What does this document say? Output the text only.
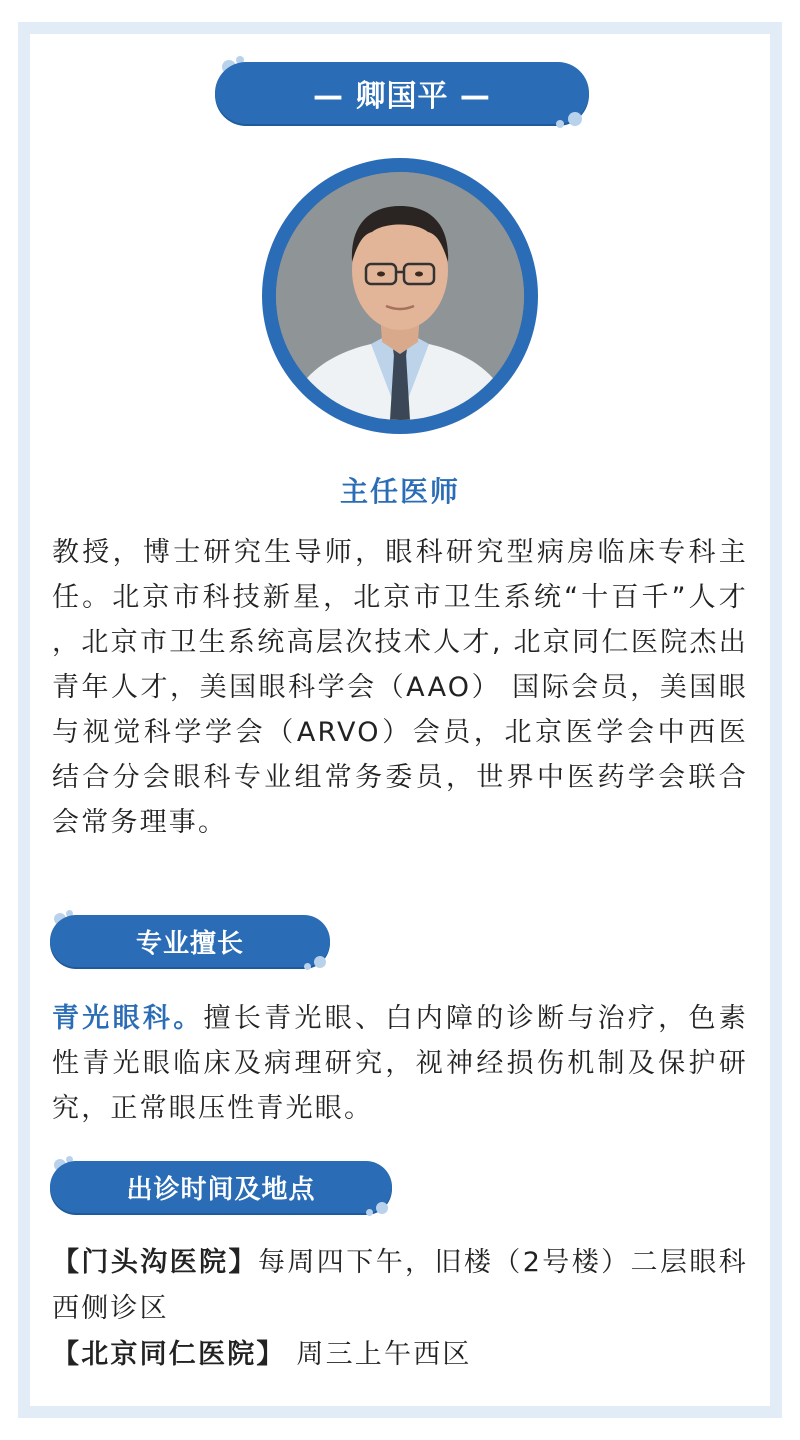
— 卿国平 —
主任医师

教授，博士研究生导师，眼科研究型病房临床专科主任。北京市科技新星，北京市卫生系统“十百千”人才 ，北京市卫生系统高层次技术人才, 北京同仁医院杰出青年人才，美国眼科学会（AAO） 国际会员，美国眼与视觉科学学会（ARVO）会员，北京医学会中西医结合分会眼科专业组常务委员，世界中医药学会联合会常务理事。

专业擅长

青光眼科。擅长青光眼、白内障的诊断与治疗，色素性青光眼临床及病理研究，视神经损伤机制及保护研究，正常眼压性青光眼。

出诊时间及地点
【门头沟医院】每周四下午，旧楼（2号楼）二层眼科西侧诊区
【北京同仁医院】 周三上午西区
